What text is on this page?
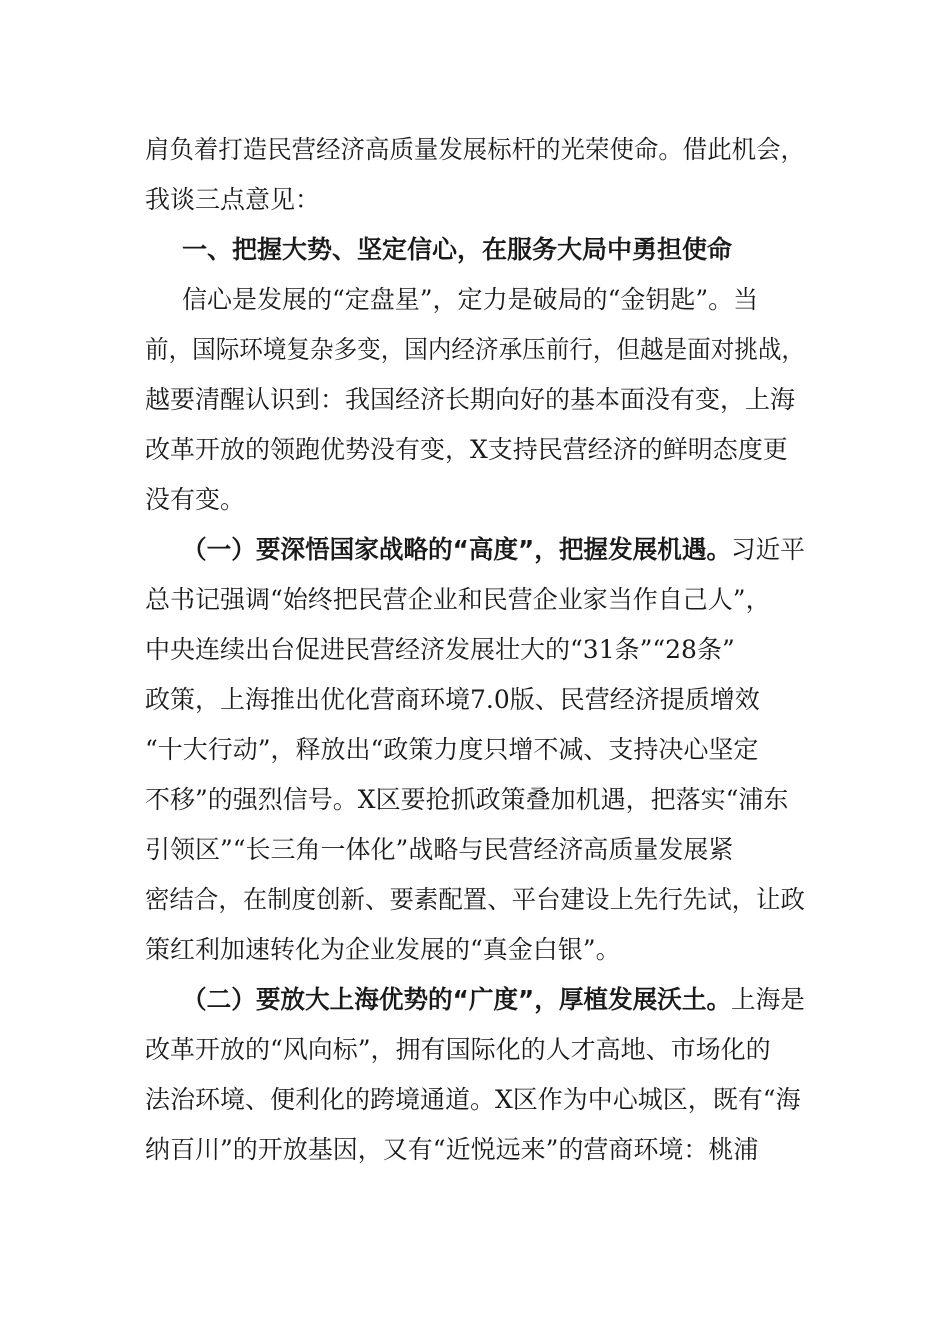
肩负着打造民营经济高质量发展标杆的光荣使命。借此机会，
我谈三点意见：
一、把握大势、坚定信心，在服务大局中勇担使命
信心是发展的“定盘星”，定力是破局的“金钥匙”。当
前，国际环境复杂多变，国内经济承压前行，但越是面对挑战，
越要清醒认识到：我国经济长期向好的基本面没有变，上海
改革开放的领跑优势没有变，X支持民营经济的鲜明态度更
没有变。
（一）要深悟国家战略的“高度”，把握发展机遇。习近平
总书记强调“始终把民营企业和民营企业家当作自己人”，
中央连续出台促进民营经济发展壮大的“31条”“28条”
政策，上海推出优化营商环境7.0版、民营经济提质增效
“十大行动”，释放出“政策力度只增不减、支持决心坚定
不移”的强烈信号。X区要抢抓政策叠加机遇，把落实“浦东
引领区”“长三角一体化”战略与民营经济高质量发展紧
密结合，在制度创新、要素配置、平台建设上先行先试，让政
策红利加速转化为企业发展的“真金白银”。
（二）要放大上海优势的“广度”，厚植发展沃土。上海是
改革开放的“风向标”，拥有国际化的人才高地、市场化的
法治环境、便利化的跨境通道。X区作为中心城区，既有“海
纳百川”的开放基因，又有“近悦远来”的营商环境：桃浦
